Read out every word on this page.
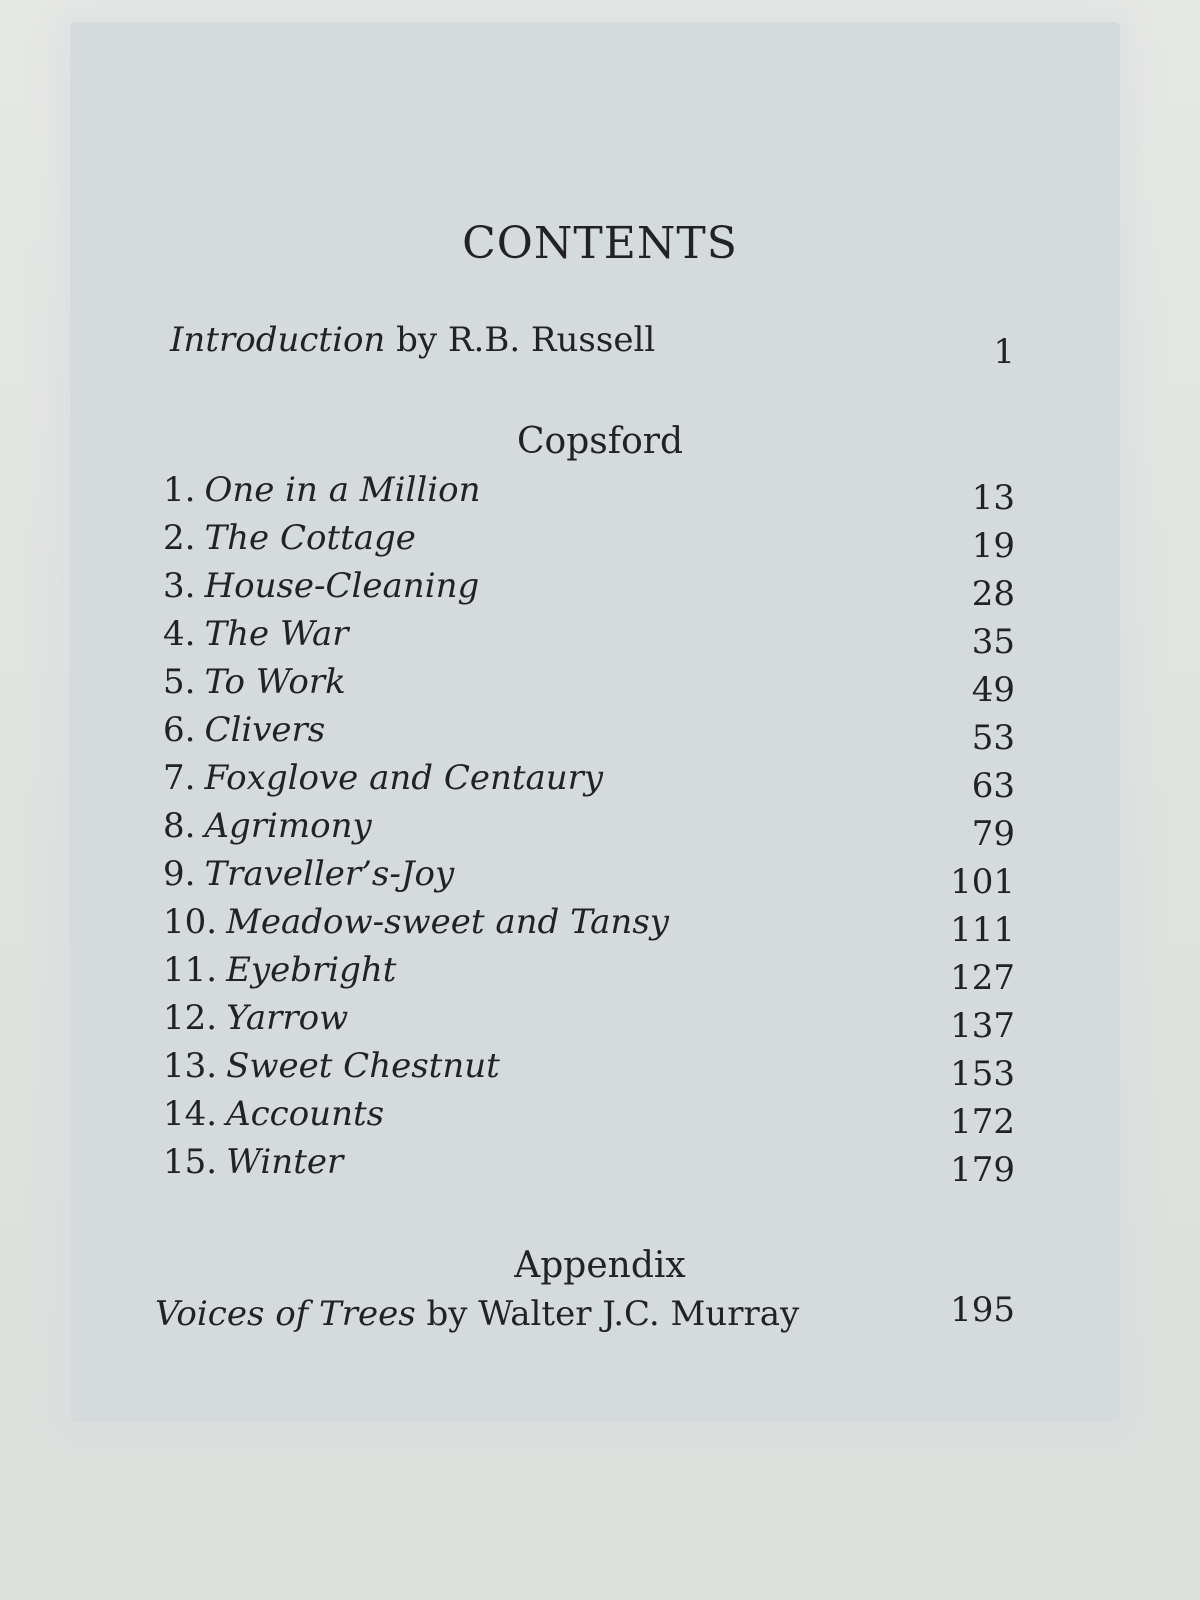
CONTENTS
Introduction by R.B. Russell	1
Copsford
1. One in a Million	13
2. The Cottage	19
3. House-Cleaning	28
4. The War	35
5. To Work	49
6. Clivers	53
7. Foxglove and Centaury	63
8. Agrimony	79
9. Traveller’s-Joy	101
10. Meadow-sweet and Tansy	111
11. Eyebright	127
12. Yarrow	137
13. Sweet Chestnut	153
14. Accounts	172
15. Winter	179
Appendix
Voices of Trees by Walter J.C. Murray	195
